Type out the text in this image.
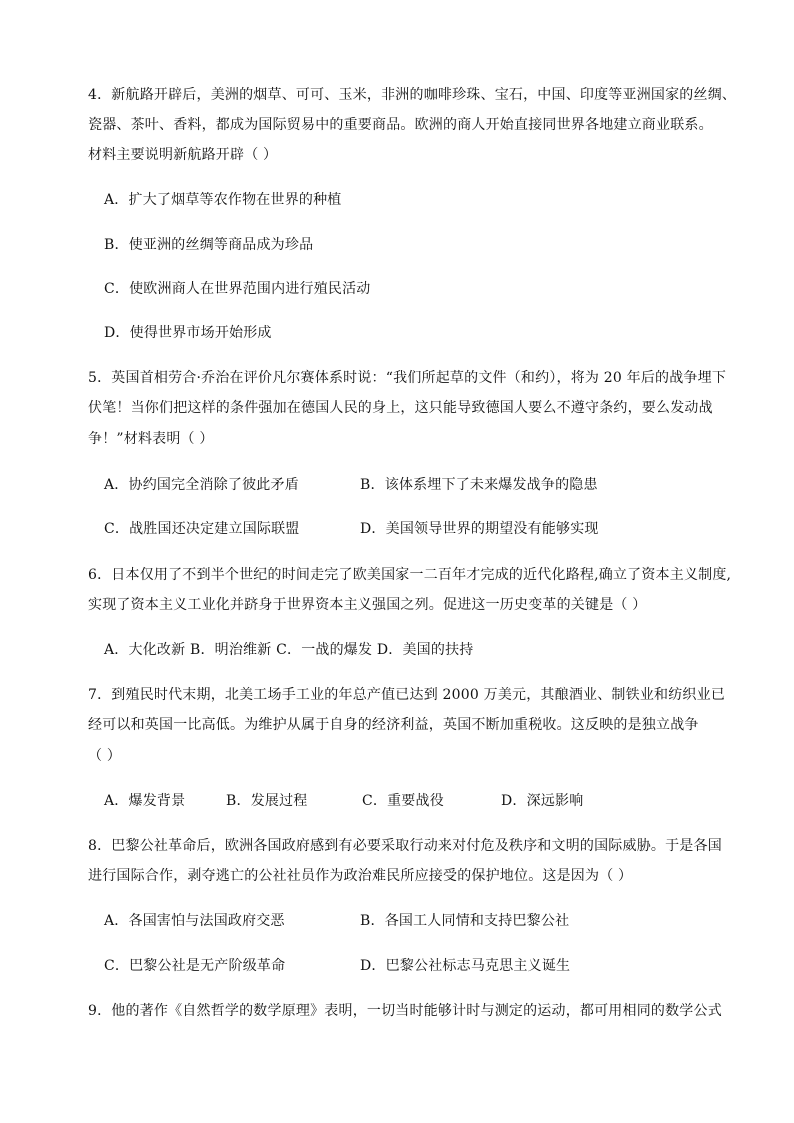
4．新航路开辟后，美洲的烟草、可可、玉米，非洲的咖啡珍珠、宝石，中国、印度等亚洲国家的丝绸、
瓷器、茶叶、香料，都成为国际贸易中的重要商品。欧洲的商人开始直接同世界各地建立商业联系。
材料主要说明新航路开辟（ ）
A．扩大了烟草等农作物在世界的种植
B．使亚洲的丝绸等商品成为珍品
C．使欧洲商人在世界范围内进行殖民活动
D．使得世界市场开始形成
5．英国首相劳合·乔治在评价凡尔赛体系时说：“我们所起草的文件（和约），将为 20 年后的战争埋下
伏笔！当你们把这样的条件强加在德国人民的身上，这只能导致德国人要么不遵守条约，要么发动战
争！”材料表明（ ）
A．协约国完全消除了彼此矛盾	B．该体系埋下了未来爆发战争的隐患
C．战胜国还决定建立国际联盟	D．美国领导世界的期望没有能够实现
6．日本仅用了不到半个世纪的时间走完了欧美国家一二百年才完成的近代化路程,确立了资本主义制度,
实现了资本主义工业化并跻身于世界资本主义强国之列。促进这一历史变革的关键是（ ）
A．大化改新 B．明治维新 C．一战的爆发 D．美国的扶持
7．到殖民时代末期，北美工场手工业的年总产值已达到 2000 万美元，其酿酒业、制铁业和纺织业已
经可以和英国一比高低。为维护从属于自身的经济利益，英国不断加重税收。这反映的是独立战争
（ ）
A．爆发背景	B．发展过程	C．重要战役	D．深远影响
8．巴黎公社革命后，欧洲各国政府感到有必要采取行动来对付危及秩序和文明的国际威胁。于是各国
进行国际合作，剥夺逃亡的公社社员作为政治难民所应接受的保护地位。这是因为（ ）
A．各国害怕与法国政府交恶	B．各国工人同情和支持巴黎公社
C．巴黎公社是无产阶级革命	D．巴黎公社标志马克思主义诞生
9．他的著作《自然哲学的数学原理》表明，一切当时能够计时与测定的运动，都可用相同的数学公式
